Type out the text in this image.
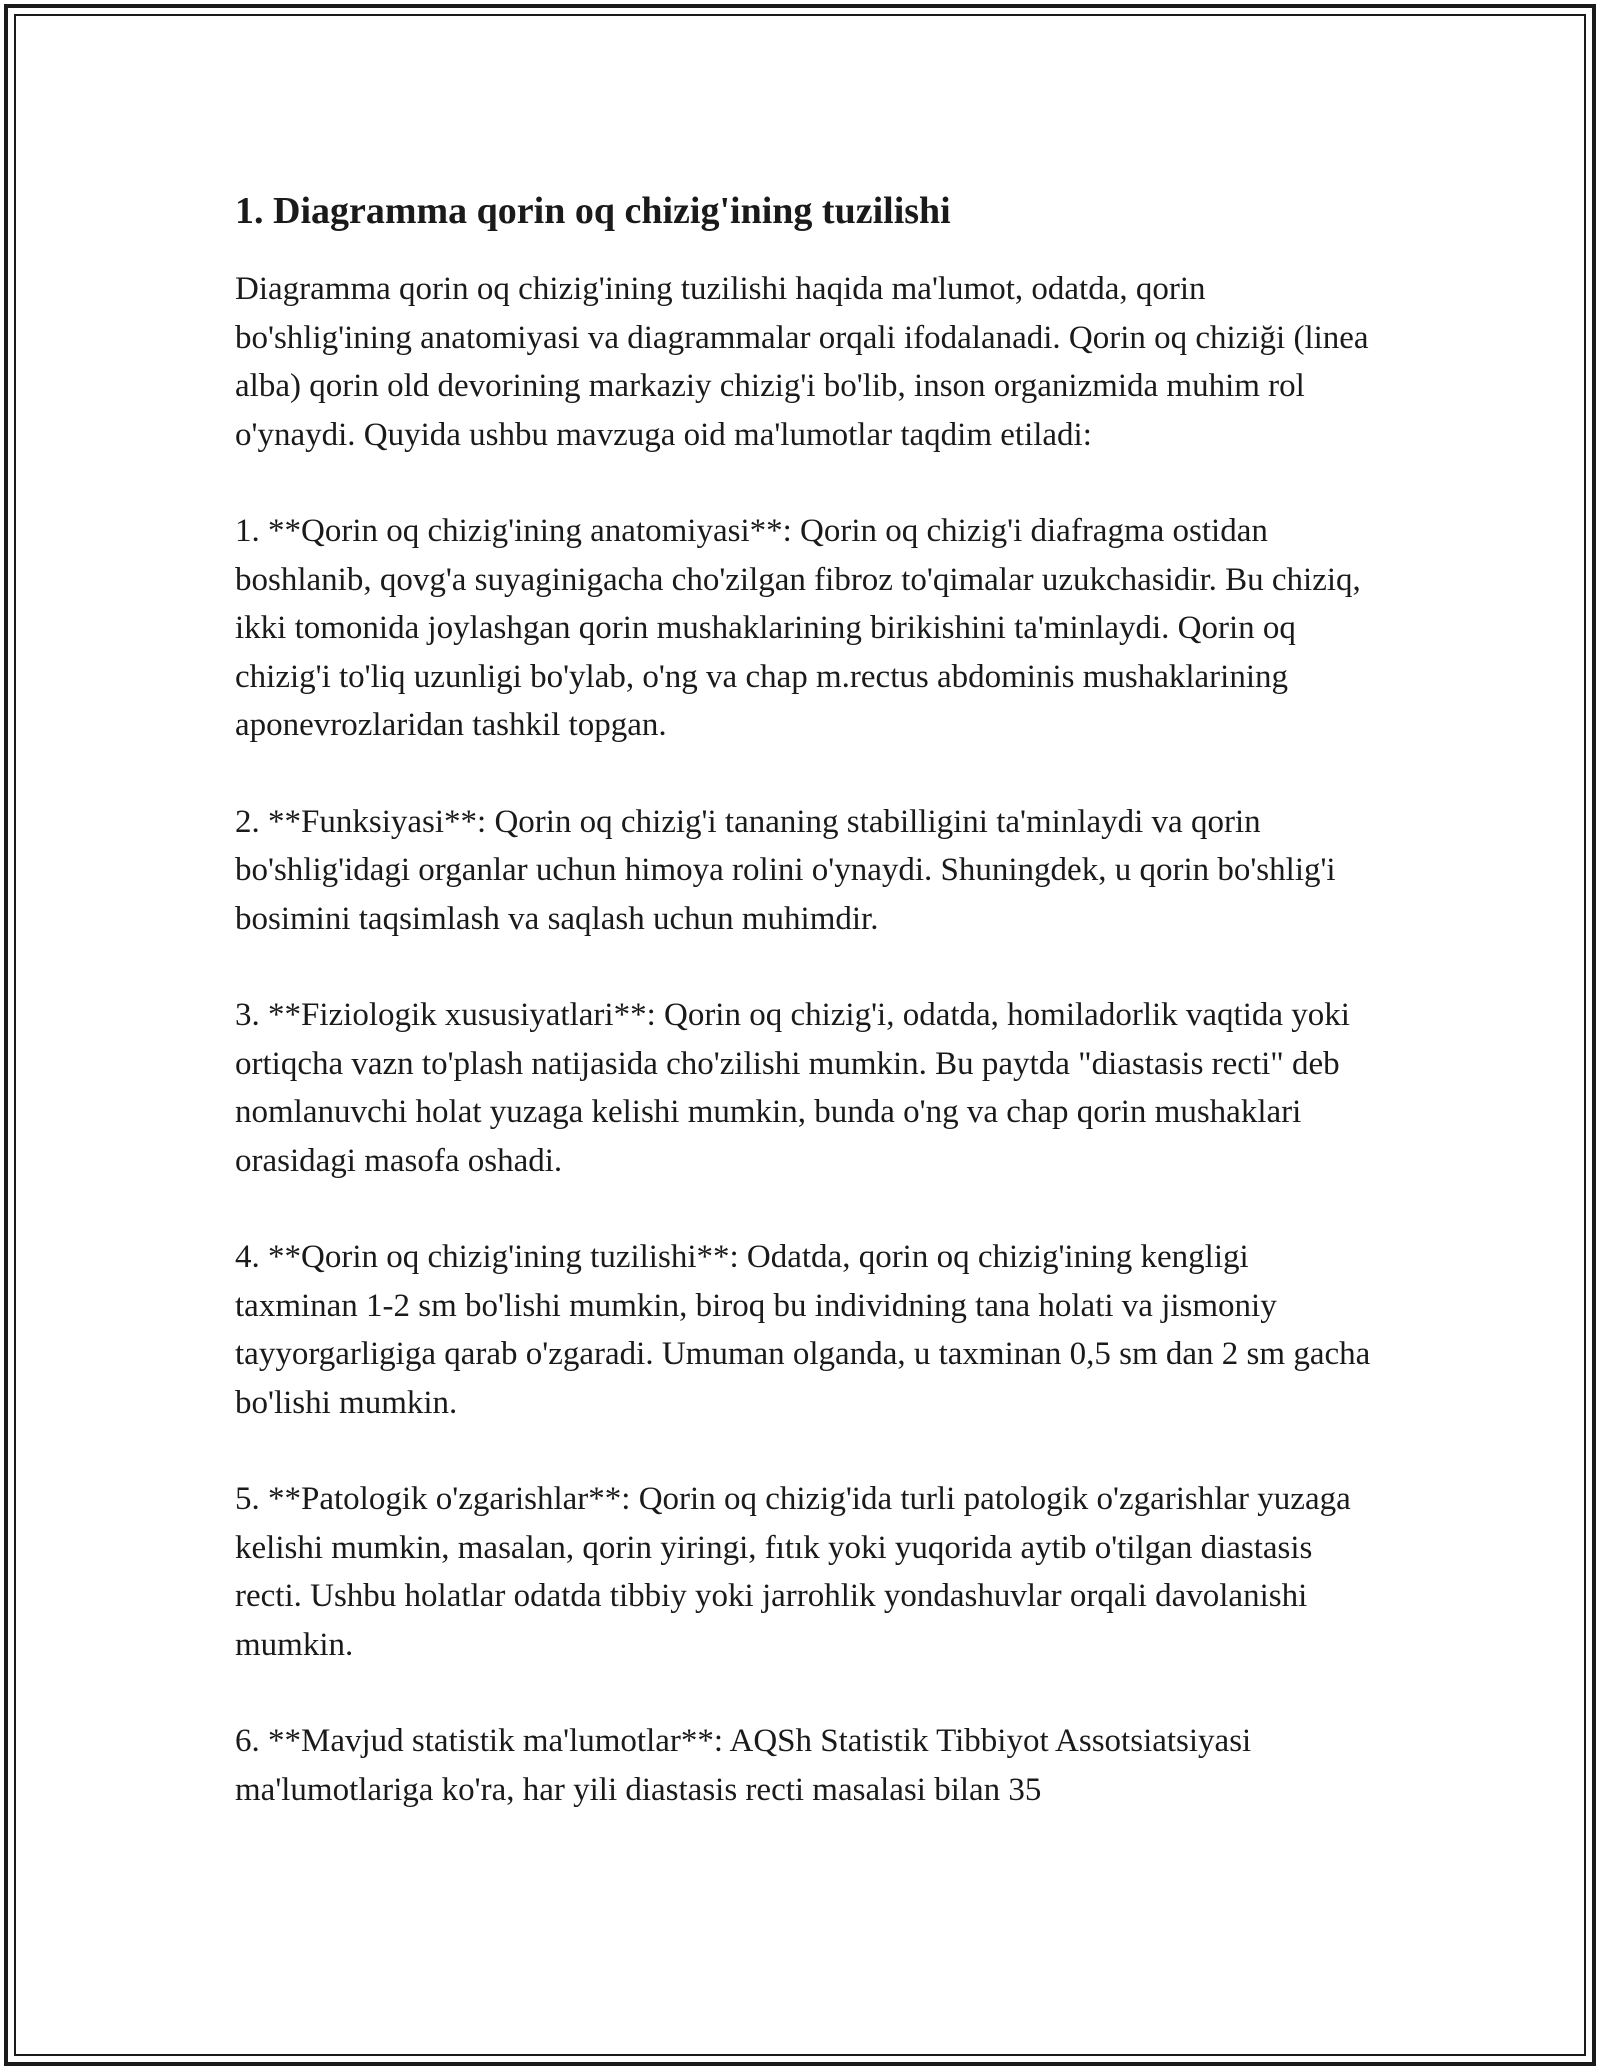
1. Diagramma qorin oq chizig'ining tuzilishi

Diagramma qorin oq chizig'ining tuzilishi haqida ma'lumot, odatda, qorin bo'shlig'ining anatomiyasi va diagrammalar orqali ifodalanadi. Qorin oq chiziği (linea alba) qorin old devorining markaziy chizig'i bo'lib, inson organizmida muhim rol o'ynaydi. Quyida ushbu mavzuga oid ma'lumotlar taqdim etiladi:

1. **Qorin oq chizig'ining anatomiyasi**: Qorin oq chizig'i diafragma ostidan boshlanib, qovg'a suyaginigacha cho'zilgan fibroz to'qimalar uzukchasidir. Bu chiziq, ikki tomonida joylashgan qorin mushaklarining birikishini ta'minlaydi. Qorin oq chizig'i to'liq uzunligi bo'ylab, o'ng va chap m.rectus abdominis mushaklarining aponevrozlaridan tashkil topgan.

2. **Funksiyasi**: Qorin oq chizig'i tananing stabilligini ta'minlaydi va qorin bo'shlig'idagi organlar uchun himoya rolini o'ynaydi. Shuningdek, u qorin bo'shlig'i bosimini taqsimlash va saqlash uchun muhimdir.

3. **Fiziologik xususiyatlari**: Qorin oq chizig'i, odatda, homiladorlik vaqtida yoki ortiqcha vazn to'plash natijasida cho'zilishi mumkin. Bu paytda "diastasis recti" deb nomlanuvchi holat yuzaga kelishi mumkin, bunda o'ng va chap qorin mushaklari orasidagi masofa oshadi.

4. **Qorin oq chizig'ining tuzilishi**: Odatda, qorin oq chizig'ining kengligi taxminan 1-2 sm bo'lishi mumkin, biroq bu individning tana holati va jismoniy tayyorgarligiga qarab o'zgaradi. Umuman olganda, u taxminan 0,5 sm dan 2 sm gacha bo'lishi mumkin.

5. **Patologik o'zgarishlar**: Qorin oq chizig'ida turli patologik o'zgarishlar yuzaga kelishi mumkin, masalan, qorin yiringi, fıtık yoki yuqorida aytib o'tilgan diastasis recti. Ushbu holatlar odatda tibbiy yoki jarrohlik yondashuvlar orqali davolanishi mumkin.

6. **Mavjud statistik ma'lumotlar**: AQSh Statistik Tibbiyot Assotsiatsiyasi ma'lumotlariga ko'ra, har yili diastasis recti masalasi bilan 35
